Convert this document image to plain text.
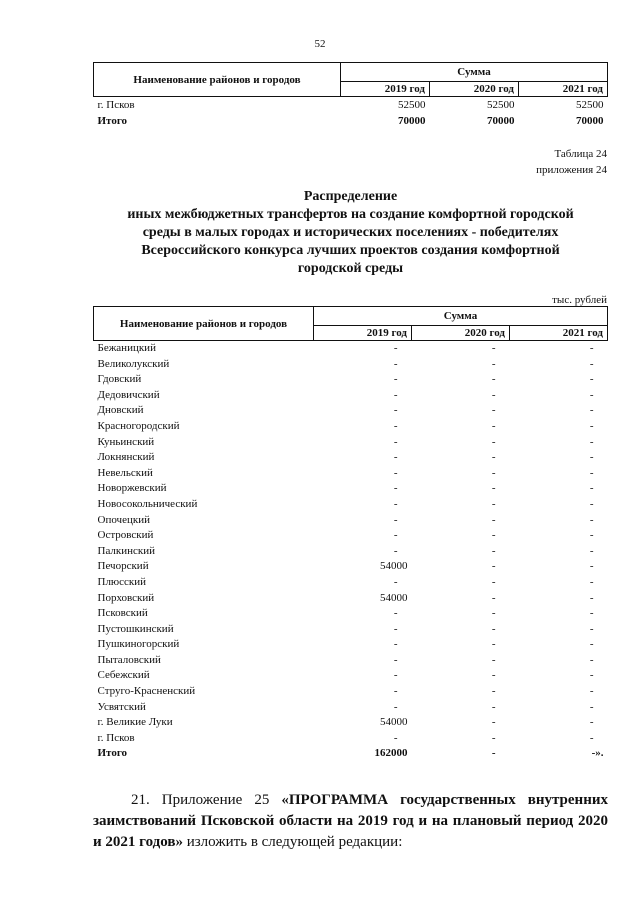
52
Наименование районов и городов	Сумма		
	2019 год	2020 год	2021 год
г. Псков	52500	52500	52500
Итого	70000	70000	70000
Таблица 24
приложения 24
Распределение
иных межбюджетных трансфертов на создание комфортной городской
среды в малых городах и исторических поселениях - победителях
Всероссийского конкурса лучших проектов создания комфортной
городской среды
тыс. рублей
Наименование районов и городов	Сумма		
	2019 год	2020 год	2021 год
Бежаницкий	-	-	-
Великолукский	-	-	-
Гдовский	-	-	-
Дедовичский	-	-	-
Дновский	-	-	-
Красногородский	-	-	-
Куньинский	-	-	-
Локнянский	-	-	-
Невельский	-	-	-
Новоржевский	-	-	-
Новосокольнический	-	-	-
Опочецкий	-	-	-
Островский	-	-	-
Палкинский	-	-	-
Печорский	54000	-	-
Плюсский	-	-	-
Порховский	54000	-	-
Псковский	-	-	-
Пустошкинский	-	-	-
Пушкиногорский	-	-	-
Пыталовский	-	-	-
Себежский	-	-	-
Струго-Красненский	-	-	-
Усвятский	-	-	-
г. Великие Луки	54000	-	-
г. Псков	-	-	-
Итого	162000	-	-».

21. Приложение 25 «ПРОГРАММА государственных внутренних заимствований Псковской области на 2019 год и на плановый период 2020 и 2021 годов» изложить в следующей редакции:
